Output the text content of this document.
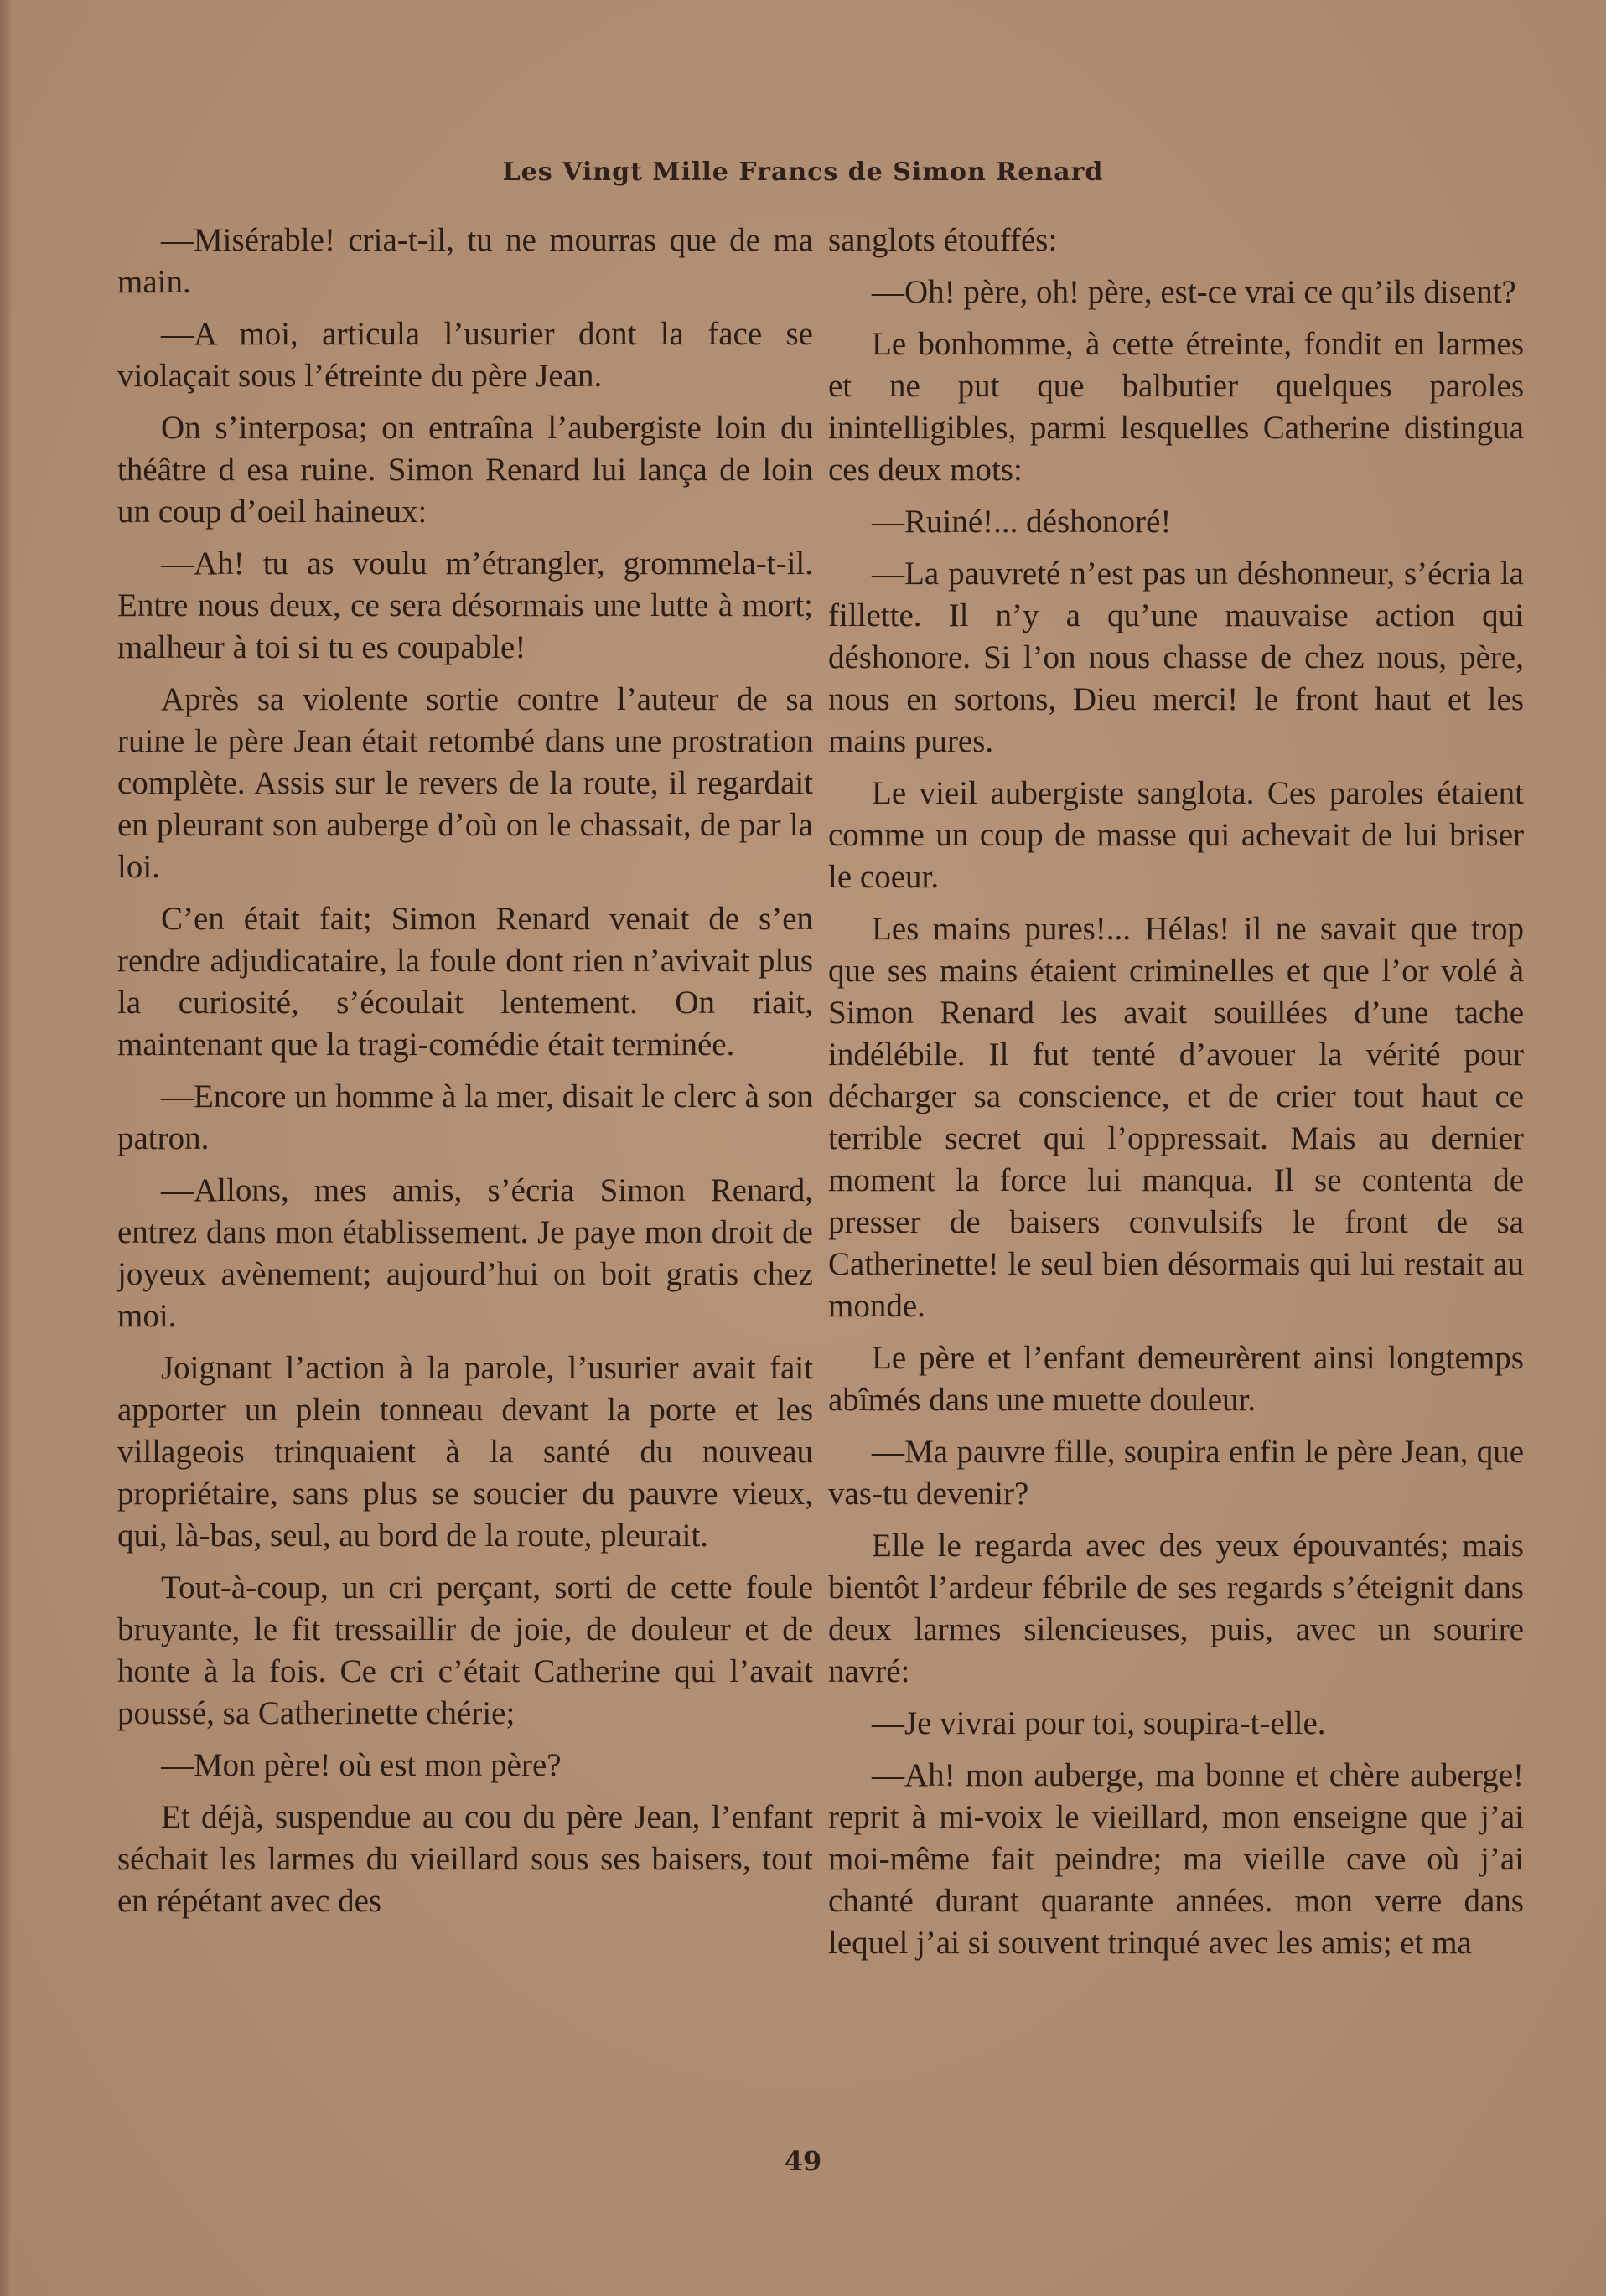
Les Vingt Mille Francs de Simon Renard

—Misérable! cria-t-il, tu ne mourras que de ma main.

—A moi, articula l’usurier dont la face se violaçait sous l’étreinte du père Jean.

On s’interposa; on entraîna l’aubergiste loin du théâtre d esa ruine. Simon Renard lui lança de loin un coup d’oeil haineux:

—Ah! tu as voulu m’étrangler, grommela-t-il. Entre nous deux, ce sera désormais une lutte à mort; malheur à toi si tu es coupable!

Après sa violente sortie contre l’auteur de sa ruine le père Jean était retombé dans une prostration complète. Assis sur le revers de la route, il regardait en pleurant son auberge d’où on le chassait, de par la loi.

C’en était fait; Simon Renard venait de s’en rendre adjudicataire, la foule dont rien n’avivait plus la curiosité, s’écoulait lentement. On riait, maintenant que la tragi-comédie était terminée.

—Encore un homme à la mer, disait le clerc à son patron.

—Allons, mes amis, s’écria Simon Renard, entrez dans mon établissement. Je paye mon droit de joyeux avènement; aujourd’hui on boit gratis chez moi.

Joignant l’action à la parole, l’usurier avait fait apporter un plein tonneau devant la porte et les villageois trinquaient à la santé du nouveau propriétaire, sans plus se soucier du pauvre vieux, qui, là-bas, seul, au bord de la route, pleurait.

Tout-à-coup, un cri perçant, sorti de cette foule bruyante, le fit tressaillir de joie, de douleur et de honte à la fois. Ce cri c’était Catherine qui l’avait poussé, sa Catherinette chérie;

—Mon père! où est mon père?

Et déjà, suspendue au cou du père Jean, l’enfant séchait les larmes du vieillard sous ses baisers, tout en répétant avec des

sanglots étouffés:

—Oh! père, oh! père, est-ce vrai ce qu’ils disent?

Le bonhomme, à cette étreinte, fondit en larmes et ne put que balbutier quelques paroles inintelligibles, parmi lesquelles Catherine distingua ces deux mots:

—Ruiné!... déshonoré!

—La pauvreté n’est pas un déshonneur, s’écria la fillette. Il n’y a qu’une mauvaise action qui déshonore. Si l’on nous chasse de chez nous, père, nous en sortons, Dieu merci! le front haut et les mains pures.

Le vieil aubergiste sanglota. Ces paroles étaient comme un coup de masse qui achevait de lui briser le coeur.

Les mains pures!... Hélas! il ne savait que trop que ses mains étaient criminelles et que l’or volé à Simon Renard les avait souillées d’une tache indélébile. Il fut tenté d’avouer la vérité pour décharger sa conscience, et de crier tout haut ce terrible secret qui l’oppressait. Mais au dernier moment la force lui manqua. Il se contenta de presser de baisers convulsifs le front de sa Catherinette! le seul bien désormais qui lui restait au monde.

Le père et l’enfant demeurèrent ainsi longtemps abîmés dans une muette douleur.

—Ma pauvre fille, soupira enfin le père Jean, que vas-tu devenir?

Elle le regarda avec des yeux épouvantés; mais bientôt l’ardeur fébrile de ses regards s’éteignit dans deux larmes silencieuses, puis, avec un sourire navré:

—Je vivrai pour toi, soupira-t-elle.

—Ah! mon auberge, ma bonne et chère auberge! reprit à mi-voix le vieillard, mon enseigne que j’ai moi-même fait peindre; ma vieille cave où j’ai chanté durant quarante années. mon verre dans lequel j’ai si souvent trinqué avec les amis; et ma

49
